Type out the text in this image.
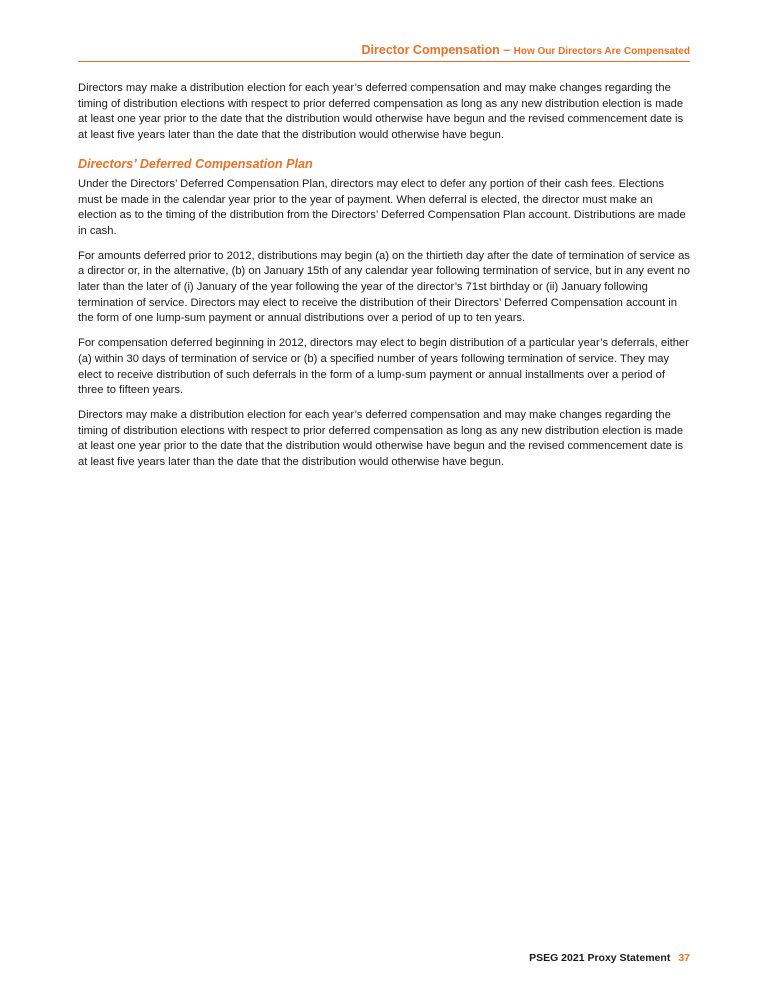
Director Compensation – How Our Directors Are Compensated

Directors may make a distribution election for each year’s deferred compensation and may make changes regarding the timing of distribution elections with respect to prior deferred compensation as long as any new distribution election is made at least one year prior to the date that the distribution would otherwise have begun and the revised commencement date is at least five years later than the date that the distribution would otherwise have begun.

Directors’ Deferred Compensation Plan

Under the Directors’ Deferred Compensation Plan, directors may elect to defer any portion of their cash fees. Elections must be made in the calendar year prior to the year of payment. When deferral is elected, the director must make an election as to the timing of the distribution from the Directors’ Deferred Compensation Plan account. Distributions are made in cash.

For amounts deferred prior to 2012, distributions may begin (a) on the thirtieth day after the date of termination of service as a director or, in the alternative, (b) on January 15th of any calendar year following termination of service, but in any event no later than the later of (i) January of the year following the year of the director’s 71st birthday or (ii) January following termination of service. Directors may elect to receive the distribution of their Directors’ Deferred Compensation account in the form of one lump-sum payment or annual distributions over a period of up to ten years.

For compensation deferred beginning in 2012, directors may elect to begin distribution of a particular year’s deferrals, either (a) within 30 days of termination of service or (b) a specified number of years following termination of service. They may elect to receive distribution of such deferrals in the form of a lump-sum payment or annual installments over a period of three to fifteen years.

Directors may make a distribution election for each year’s deferred compensation and may make changes regarding the timing of distribution elections with respect to prior deferred compensation as long as any new distribution election is made at least one year prior to the date that the distribution would otherwise have begun and the revised commencement date is at least five years later than the date that the distribution would otherwise have begun.

PSEG 2021 Proxy Statement 37
